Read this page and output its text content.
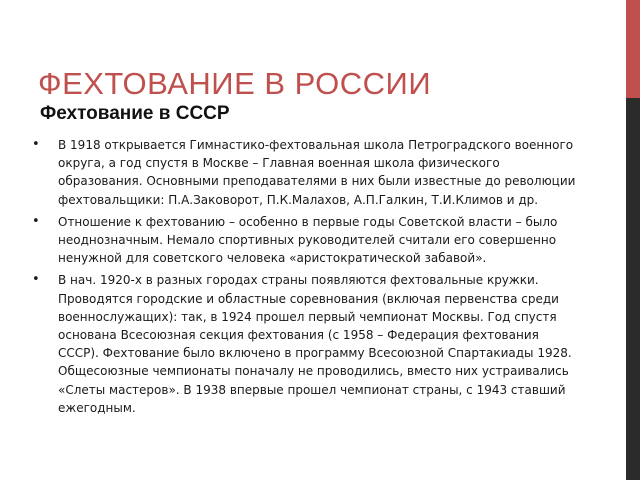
ФЕХТОВАНИЕ В РОССИИ
Фехтование в СССР
• В 1918 открывается Гимнастико-фехтовальная школа Петроградского военного округа, а год спустя в Москве – Главная военная школа физического образования. Основными преподавателями в них были известные до революции фехтовальщики: П.А.Заковорот, П.К.Малахов, А.П.Галкин, Т.И.Климов и др.
• Отношение к фехтованию – особенно в первые годы Советской власти – было неоднозначным. Немало спортивных руководителей считали его совершенно ненужной для советского человека «аристократической забавой».
• В нач. 1920-х в разных городах страны появляются фехтовальные кружки. Проводятся городские и областные соревнования (включая первенства среди военнослужащих): так, в 1924 прошел первый чемпионат Москвы. Год спустя основана Всесоюзная секция фехтования (с 1958 – Федерация фехтования СССР). Фехтование было включено в программу Всесоюзной Спартакиады 1928. Общесоюзные чемпионаты поначалу не проводились, вместо них устраивались «Слеты мастеров». В 1938 впервые прошел чемпионат страны, с 1943 ставший ежегодным.
